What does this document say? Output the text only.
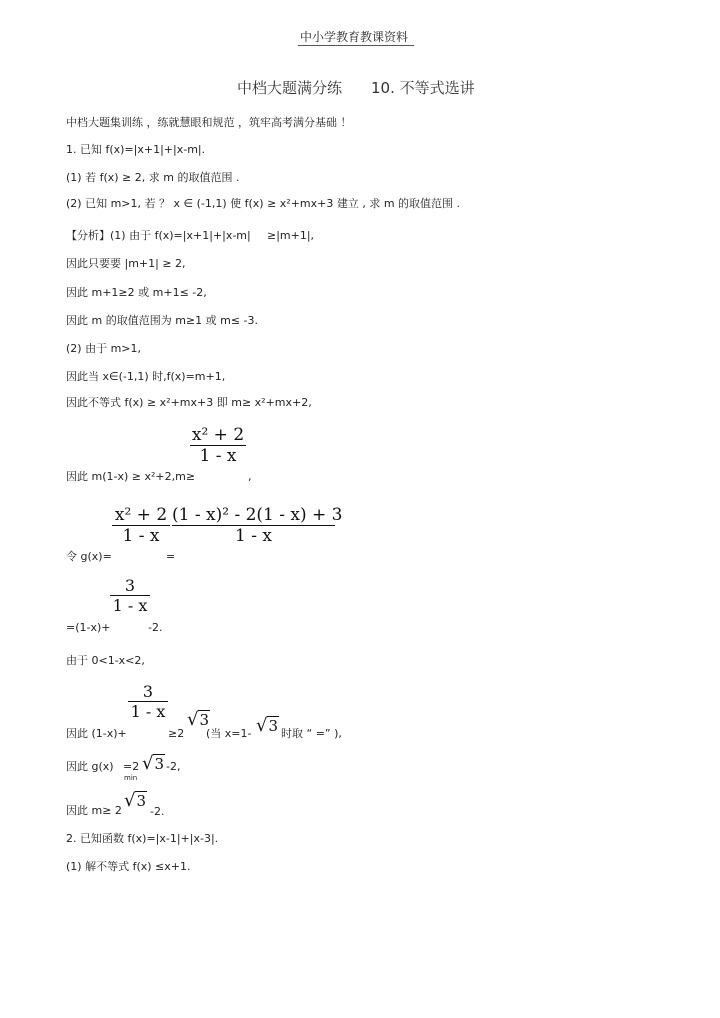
中小学教育教课资料
中档大题满分练 10. 不等式选讲
中档大题集训练 ，练就慧眼和规范 ，筑牢高考满分基础 ！
1. 已知 f(x)=|x+1|+|x-m|.
(1) 若 f(x) ≥ 2, 求 m 的取值范围 .
(2) 已知 m>1, 若 ？ x ∈ (-1,1) 使 f(x) ≥ x²+mx+3 建立 , 求 m 的取值范围 .
【分析】(1) 由于 f(x)=|x+1|+|x-m| ≥|m+1|,
因此只要要 |m+1| ≥ 2,
因此 m+1≥2 或 m+1≤ -2,
因此 m 的取值范围为 m≥1 或 m≤ -3.
(2) 由于 m>1,
因此当 x∈(-1,1) 时,f(x)=m+1,
因此不等式 f(x) ≥ x²+mx+3 即 m≥ x²+mx+2,
x² + 2
1 - x
因此 m(1-x) ≥ x²+2,m≥	,
令 g(x)=
x² + 2
1 - x
=
(1 - x)² - 2(1 - x) + 3
1 - x
=(1-x)+
3
1 - x
-2.
由于 0<1-x<2,
因此 (1-x)+
3
1 - x
≥2
√3
(当 x=1- √3 时取 “ =” ),
因此 g(x)
min
=2 √3 -2,
因此 m≥ 2 √3
-2.
2. 已知函数 f(x)=|x-1|+|x-3|.
(1) 解不等式 f(x) ≤x+1.
